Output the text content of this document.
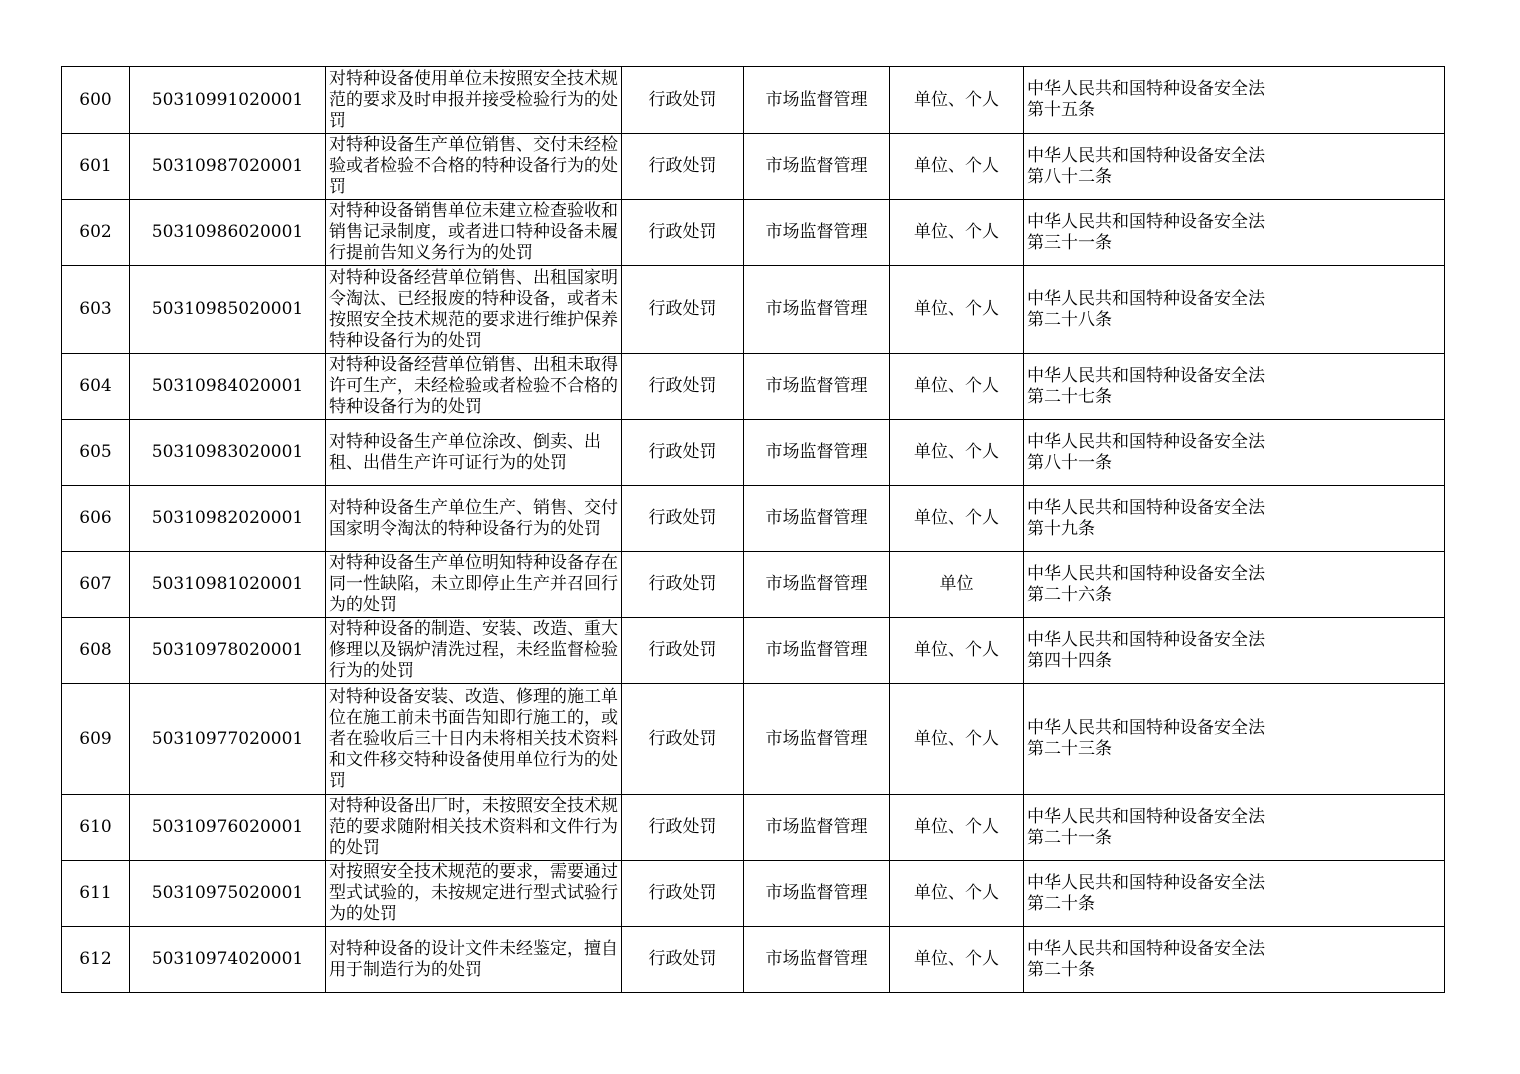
600	50310991020001	对特种设备使用单位未按照安全技术规范的要求及时申报并接受检验行为的处罚	行政处罚	市场监督管理	单位、个人	中华人民共和国特种设备安全法
第十五条

601	50310987020001	对特种设备生产单位销售、交付未经检验或者检验不合格的特种设备行为的处罚	行政处罚	市场监督管理	单位、个人	中华人民共和国特种设备安全法
第八十二条

602	50310986020001	对特种设备销售单位未建立检查验收和销售记录制度，或者进口特种设备未履行提前告知义务行为的处罚	行政处罚	市场监督管理	单位、个人	中华人民共和国特种设备安全法
第三十一条

603	50310985020001	对特种设备经营单位销售、出租国家明令淘汰、已经报废的特种设备，或者未按照安全技术规范的要求进行维护保养特种设备行为的处罚	行政处罚	市场监督管理	单位、个人	中华人民共和国特种设备安全法
第二十八条

604	50310984020001	对特种设备经营单位销售、出租未取得许可生产，未经检验或者检验不合格的特种设备行为的处罚	行政处罚	市场监督管理	单位、个人	中华人民共和国特种设备安全法
第二十七条

605	50310983020001	对特种设备生产单位涂改、倒卖、出租、出借生产许可证行为的处罚	行政处罚	市场监督管理	单位、个人	中华人民共和国特种设备安全法
第八十一条

606	50310982020001	对特种设备生产单位生产、销售、交付国家明令淘汰的特种设备行为的处罚	行政处罚	市场监督管理	单位、个人	中华人民共和国特种设备安全法
第十九条

607	50310981020001	对特种设备生产单位明知特种设备存在同一性缺陷，未立即停止生产并召回行为的处罚	行政处罚	市场监督管理	单位	中华人民共和国特种设备安全法
第二十六条

608	50310978020001	对特种设备的制造、安装、改造、重大修理以及锅炉清洗过程，未经监督检验行为的处罚	行政处罚	市场监督管理	单位、个人	中华人民共和国特种设备安全法
第四十四条

609	50310977020001	对特种设备安装、改造、修理的施工单位在施工前未书面告知即行施工的，或者在验收后三十日内未将相关技术资料和文件移交特种设备使用单位行为的处罚	行政处罚	市场监督管理	单位、个人	中华人民共和国特种设备安全法
第二十三条

610	50310976020001	对特种设备出厂时，未按照安全技术规范的要求随附相关技术资料和文件行为的处罚	行政处罚	市场监督管理	单位、个人	中华人民共和国特种设备安全法
第二十一条

611	50310975020001	对按照安全技术规范的要求，需要通过型式试验的，未按规定进行型式试验行为的处罚	行政处罚	市场监督管理	单位、个人	中华人民共和国特种设备安全法
第二十条

612	50310974020001	对特种设备的设计文件未经鉴定，擅自用于制造行为的处罚	行政处罚	市场监督管理	单位、个人	中华人民共和国特种设备安全法
第二十条
